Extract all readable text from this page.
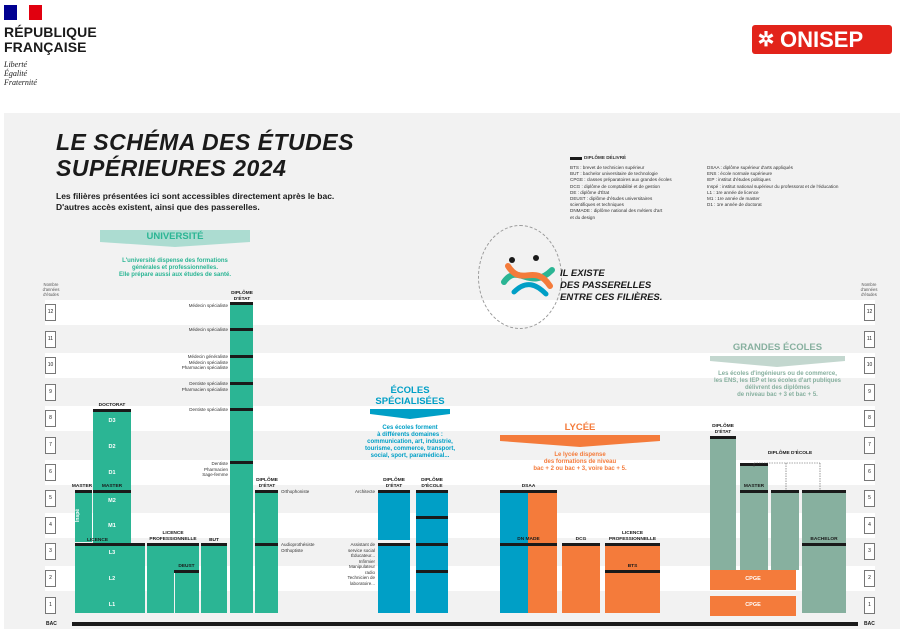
RÉPUBLIQUE
FRANÇAISE
Liberté
Égalité
Fraternité
✲ ONISEP
LE SCHÉMA DES ÉTUDES
SUPÉRIEURES 2024
Les filières présentées ici sont accessibles directement après le bac.
D'autres accès existent, ainsi que des passerelles.
DIPLÔME DÉLIVRÉ
BTS : brevet de technicien supérieur
BUT : bachelor universitaire de technologie
CPGE : classes préparatoires aux grandes écoles
DCG : diplôme de comptabilité et de gestion
DE : diplôme d'État
DEUST : diplôme d'études universitaires
scientifiques et techniques
DNMADE : diplôme national des métiers d'art
et du design
DSAA : diplôme supérieur d'arts appliqués
ENS : école normale supérieure
IEP : institut d'études politiques
Inspé : institut national supérieur du professorat et de l'éducation
L1 : 1re année de licence
M1 : 1re année de master
D1 : 1re année de doctorat
Nombre
d'années
d'études
Nombre
d'années
d'études
12
11
10
9
8
7
6
5
4
3
2
1
12
11
10
9
8
7
6
5
4
3
2
1
BAC	BAC
UNIVERSITÉ
L'université dispense des formations
générales et professionnelles.
Elle prépare aussi aux études de santé.
ÉCOLES
SPÉCIALISÉES
Ces écoles forment
à différents domaines :
communication, art, industrie,
tourisme, commerce, transport,
social, sport, paramédical...
LYCÉE
Le lycée dispense
des formations de niveau
bac + 2 ou bac + 3, voire bac + 5.
GRANDES ÉCOLES
Les écoles d'ingénieurs ou de commerce,
les ENS, les IEP et les écoles d'art publiques
délivrent des diplômes
de niveau bac + 3 et bac + 5.
IL EXISTE
DES PASSERELLES
ENTRE CES FILIÈRES.
Inspé
DOCTORAT
D3
D2
D1
MASTER	MASTER
M2
M1
LICENCE
L3
L2
L1
LICENCE
PROFESSIONNELLE
DEUST
BUT
DIPLÔME
D'ÉTAT
Médecin spécialiste
Médecin spécialiste
Médecin généraliste
Médecin spécialiste
Pharmacien spécialiste
Dentiste spécialiste
Pharmacien spécialiste
Dentiste spécialiste
Dentiste
Pharmacien
Sage-femme
DIPLÔME
D'ÉTAT
Orthophoniste
Audioprothésiste
Orthoptiste
DIPLÔME
D'ÉTAT
Architecte
DIPLÔME
D'ÉCOLE
Assistant de
service social
Éducateur...
Infirmier
Manipulateur
radio
Technicien de
laboratoire...
DSAA
DN MADE	DCG
LICENCE
PROFESSIONNELLE
BTS
DIPLÔME
D'ÉTAT
MASTER
BACHELOR
DIPLÔME D'ÉCOLE
CPGE
CPGE
